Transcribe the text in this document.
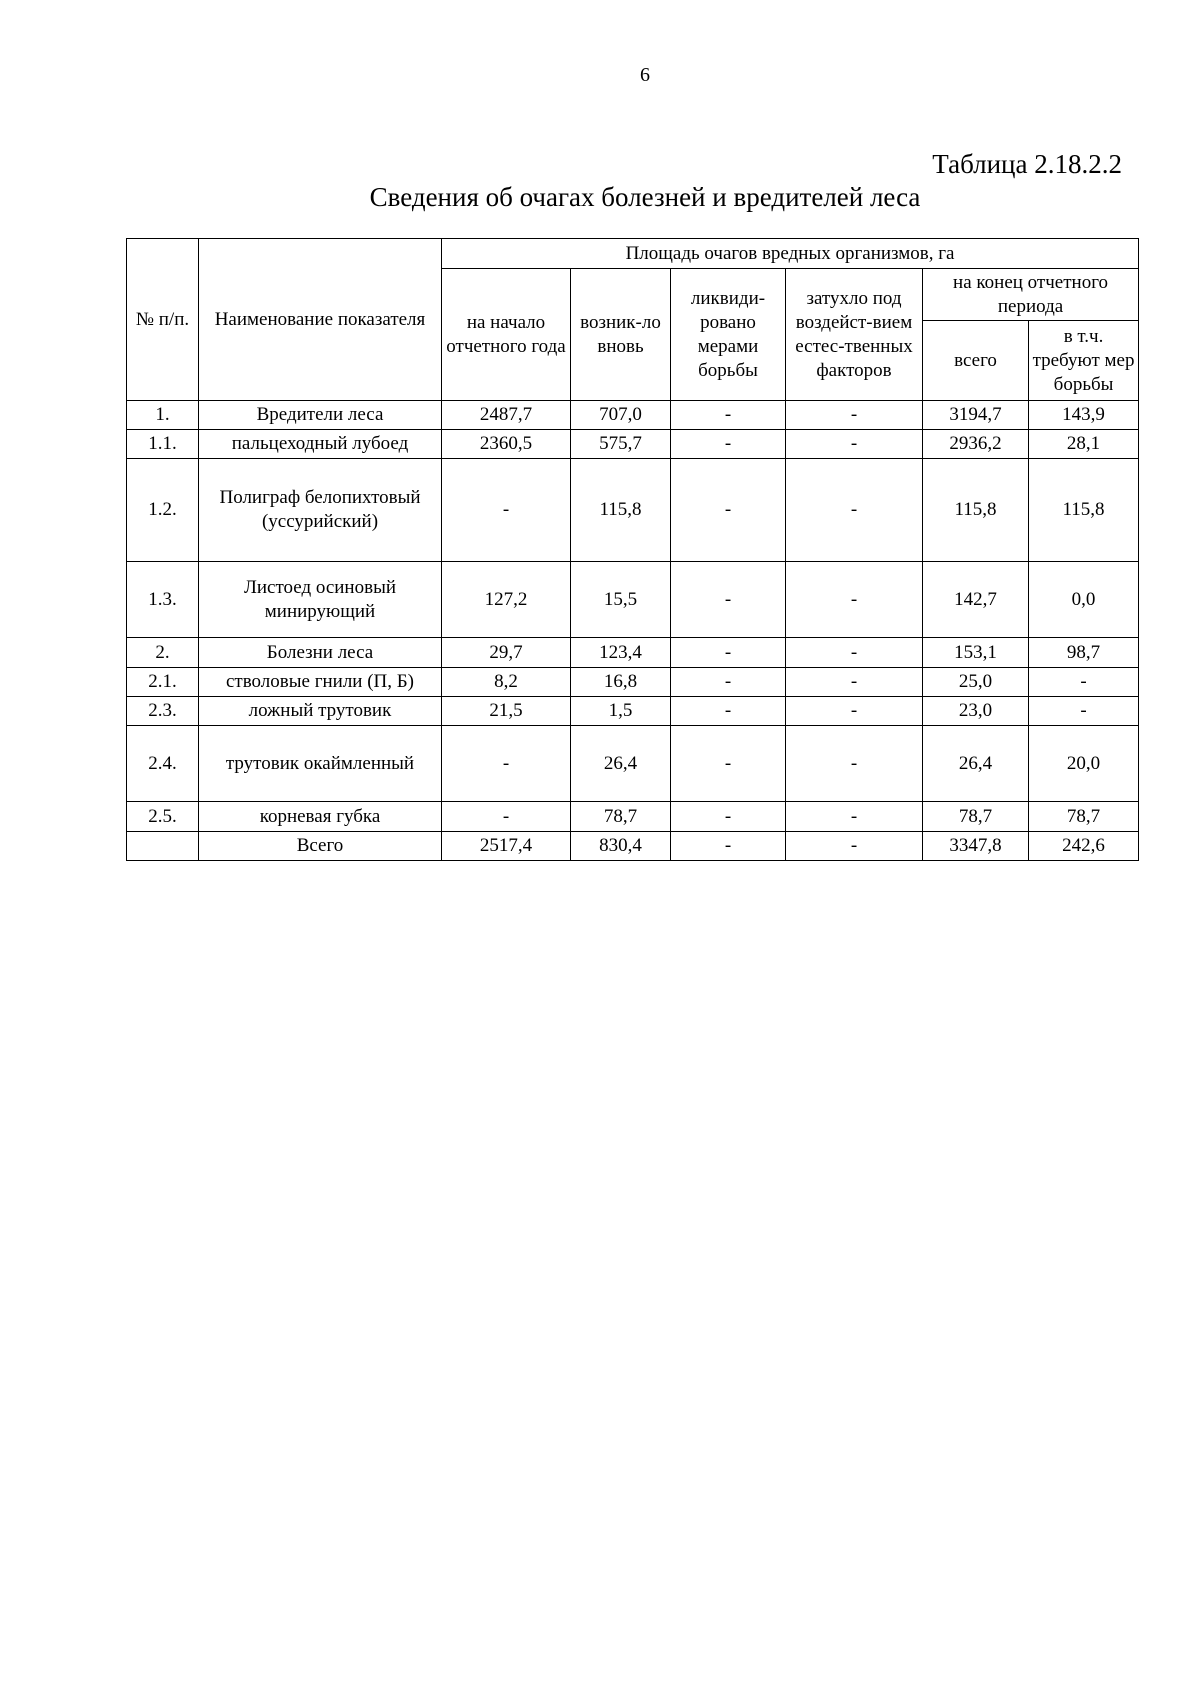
6
Таблица 2.18.2.2
Сведения об очагах болезней и вредителей леса
№ п/п.	Наименование показателя	Площадь очагов вредных организмов, га					
		на начало отчетного года	возник-ло вновь	ликвиди-ровано мерами борьбы	затухло под воздейст-вием естес-твенных факторов	на конец отчетного периода	
						всего	в т.ч. требуют мер борьбы
1.	Вредители леса	2487,7	707,0	-	-	3194,7	143,9
1.1.	пальцеходный лубоед	2360,5	575,7	-	-	2936,2	28,1
1.2.	Полиграф белопихтовый (уссурийский)	-	115,8	-	-	115,8	115,8
1.3.	Листоед осиновый минирующий	127,2	15,5	-	-	142,7	0,0
2.	Болезни леса	29,7	123,4	-	-	153,1	98,7
2.1.	стволовые гнили (П, Б)	8,2	16,8	-	-	25,0	-
2.3.	ложный трутовик	21,5	1,5	-	-	23,0	-
2.4.	трутовик окаймленный	-	26,4	-	-	26,4	20,0
2.5.	корневая губка	-	78,7	-	-	78,7	78,7
	Всего	2517,4	830,4	-	-	3347,8	242,6
